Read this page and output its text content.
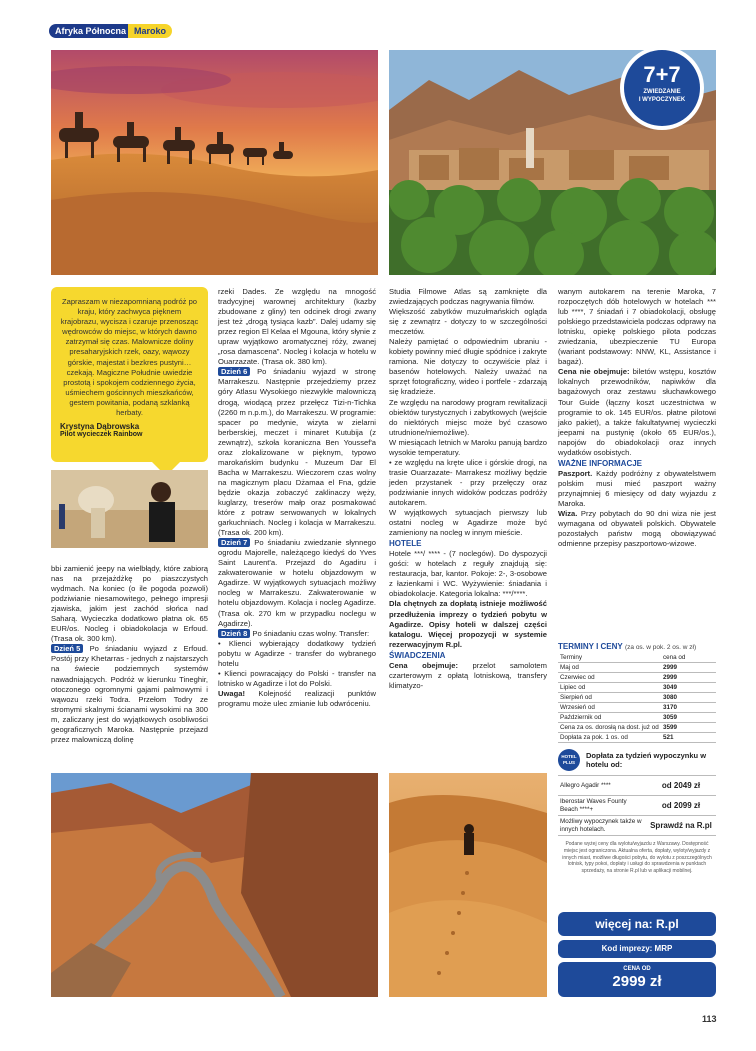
Afryka Północna Maroko
7+7
ZWIEDZANIE
I WYPOCZYNEK

Zapraszam w niezapomnianą podróż po kraju, który zachwyca pięknem krajobrazu, wycisza i czaruje przenosząc wędrowców do miejsc, w których dawno zatrzymał się czas. Malownicze doliny presaharyjskich rzek, oazy, wąwozy górskie, majestat i bezkres pustyni… czekają. Magiczne Południe uwiedzie prostotą i spokojem codziennego życia, uśmiechem gościnnych mieszkańców, gestem powitania, podaną szklanką herbaty.

Krystyna Dąbrowska
Pilot wycieczek Rainbow

bbi zamienić jeepy na wielbłądy, które zabiorą nas na przejażdżkę po piaszczystych wydmach. Na koniec (o ile pogoda pozwoli) podziwianie niesamowitego, pełnego impresji zjawiska, jakim jest zachód słońca nad Saharą. Wycieczka dodatkowo płatna ok. 65 EUR/os. Nocleg i obiadokolacja w Erfoud. (Trasa ok. 300 km).

Dzień 5 Po śniadaniu wyjazd z Erfoud. Postój przy Khetarras - jednych z najstarszych na świecie podziemnych systemów nawadniających. Podróż w kierunku Tineghir, otoczonego ogromnymi gajami palmowymi i wąwozu rzeki Todra. Przełom Todry ze stromymi skalnymi ścianami wysokimi na 300 m, zaliczany jest do wyjątkowych osobliwości geograficznych Maroka. Następnie przejazd przez malowniczą dolinę

rzeki Dades. Ze względu na mnogość tradycyjnej warownej architektury (kazby zbudowane z gliny) ten odcinek drogi zwany jest też „drogą tysiąca kazb”. Dalej udamy się przez region El Kelaa el Mgouna, który słynie z upraw wyjątkowo aromatycznej róży, zwanej „rosa damascena”. Nocleg i kolacja w hotelu w Ouarzazate. (Trasa ok. 380 km).

Dzień 6 Po śniadaniu wyjazd w stronę Marrakeszu. Następnie przejedziemy przez góry Atlasu Wysokiego niezwykłe malowniczą drogą, wiodącą przez przełęcz Tizi-n-Tichka (2260 m n.p.m.), do Marrakeszu. W programie: spacer po medynie, wizyta w zielarni berberskiej, meczet i minaret Kutubija (z zewnątrz), szkoła koraniczna Ben Youssef'a oraz zlokalizowane w pięknym, typowo marokańskim budynku - Muzeum Dar El Bacha w Marrakeszu. Wieczorem czas wolny na magicznym placu Dżamaa el Fna, gdzie będzie okazja zobaczyć zaklinaczy węży, kuglarzy, treserów małp oraz posmakować które z potraw serwowanych w lokalnych garkuchniach. Nocleg i kolacja w Marrakeszu. (Trasa ok. 200 km).

Dzień 7 Po śniadaniu zwiedzanie słynnego ogrodu Majorelle, należącego kiedyś do Yves Saint Laurent'a. Przejazd do Agadiru i zakwaterowanie w hotelu objazdowym w Agadirze. W wyjątkowych sytuacjach możliwy nocleg w Marrakeszu. Zakwaterowanie w hotelu objazdowym. Kolacja i nocleg Agadirze. (Trasa ok. 270 km w przypadku noclegu w Agadirze).

Dzień 8 Po śniadaniu czas wolny. Transfer:

• Klienci wybierający dodatkowy tydzień pobytu w Agadirze - transfer do wybranego hotelu

• Klienci powracający do Polski - transfer na lotnisko w Agadirze i lot do Polski.

Uwaga! Kolejność realizacji punktów programu może ulec zmianie lub odwróceniu.

Studia Filmowe Atlas są zamknięte dla zwiedzających podczas nagrywania filmów.

Większość zabytków muzułmańskich ogląda się z zewnątrz - dotyczy to w szczególności meczetów.

Należy pamiętać o odpowiednim ubraniu - kobiety powinny mieć długie spódnice i zakryte ramiona. Nie dotyczy to oczywiście plaż i basenów hotelowych. Należy uważać na sprzęt fotograficzny, wideo i portfele - zdarzają się kradzieże.

Ze względu na narodowy program rewitalizacji obiektów turystycznych i zabytkowych (wejście do niektórych miejsc może być czasowo utrudnione/niemożliwe).

W miesiącach letnich w Maroku panują bardzo wysokie temperatury.

• ze względu na kręte ulice i górskie drogi, na trasie Ouarzazate- Marrakesz możliwy będzie jeden przystanek - przy przełęczy oraz podziwianie innych widoków podczas podróży autokarem.

W wyjątkowych sytuacjach pierwszy lub ostatni nocleg w Agadirze może być zamieniony na nocleg w innym mieście.

HOTELE

Hotele ***/ **** - (7 noclegów). Do dyspozycji gości: w hotelach z reguły znajdują się: restauracja, bar, kantor. Pokoje: 2-, 3-osobowe z łazienkami i WC. Wyżywienie: śniadania i obiadokolacje. Kategoria lokalna: ***/****.

Dla chętnych za dopłatą istnieje możliwość przedłużenia imprezy o tydzień pobytu w Agadirze. Opisy hoteli w dalszej części katalogu. Więcej propozycji w systemie rezerwacyjnym R.pl.

ŚWIADCZENIA

Cena obejmuje: przelot samolotem czarterowym z opłatą lotniskową, transfery klimatyzo-

wanym autokarem na terenie Maroka, 7 rozpoczętych dób hotelowych w hotelach *** lub ****, 7 śniadań i 7 obiadokolacji, obsługę polskiego przedstawiciela podczas odprawy na lotnisku, opiekę polskiego pilota podczas zwiedzania, ubezpieczenie TU Europa (wariant podstawowy: NNW, KL, Assistance i bagaż).

Cena nie obejmuje: biletów wstępu, kosztów lokalnych przewodników, napiwków dla bagażowych oraz zestawu słuchawkowego Tour Guide (łączny koszt uczestnictwa w programie to ok. 145 EUR/os. płatne pilotowi jako pakiet), a także fakultatywnej wycieczki jeepami na pustynię (około 65 EUR/os.), napojów do obiadokolacji oraz innych wydatków osobistych.

WAŻNE INFORMACJE

Paszport. Każdy podróżny z obywatelstwem polskim musi mieć paszport ważny przynajmniej 6 miesięcy od daty wyjazdu z Maroka.

Wiza. Przy pobytach do 90 dni wiza nie jest wymagana od obywateli polskich. Obywatele pozostałych państw mogą obowiązywać odmienne przepisy paszportowo-wizowe.

TERMINY I CENY (za os. w pok. 2 os. w zł)
Terminy	cena od
Maj od	2999
Czerwiec od	2999
Lipiec od	3049
Sierpień od	3080
Wrzesień od	3170
Październik od	3059
Cena za os. dorosłą na dost. już od	3599
Dopłata za pok. 1 os. od	521
HOTEL PLUS
Dopłata za tydzień wypoczynku w hotelu od:
Allegro Agadir ****	od 2049 zł
Iberostar Waves Founty Beach ****+	od 2099 zł
Możliwy wypoczynek także w innych hotelach.	Sprawdź na R.pl

Podane wyżej ceny dla wylotu/wyjazdu z Warszawy. Dostępność miejsc jest ograniczona. Aktualna oferta, dopłaty, wyloty/wyjazdy z innych miast, możliwe długości pobytu, do wylotu z poszczególnych lotnisk, typy pokoi, dopłaty i usługi do sprawdzenia w punktach sprzedaży, na stronie R.pl lub w aplikacji mobilnej.

więcej na: R.pl
Kod imprezy: MRP
CENA OD
2999 zł
113
